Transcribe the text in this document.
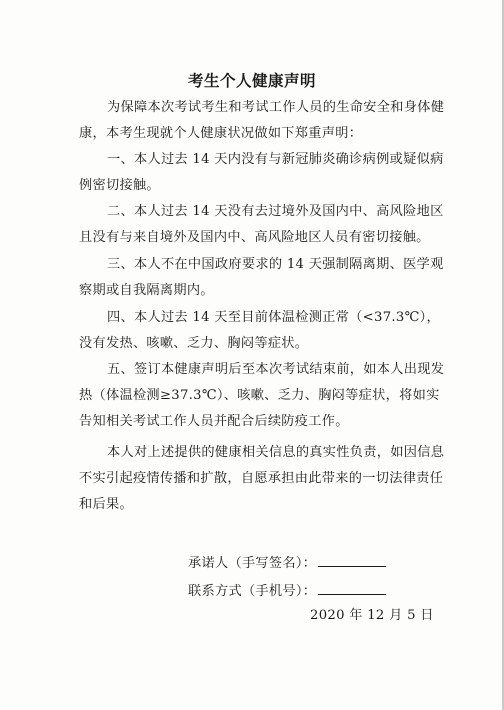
考生个人健康声明
为保障本次考试考生和考试工作人员的生命安全和身体健康，本考生现就个人健康状况做如下郑重声明：
一、本人过去 14 天内没有与新冠肺炎确诊病例或疑似病例密切接触。
二、本人过去 14 天没有去过境外及国内中、高风险地区且没有与来自境外及国内中、高风险地区人员有密切接触。
三、本人不在中国政府要求的 14 天强制隔离期、医学观察期或自我隔离期内。
四、本人过去 14 天至目前体温检测正常（<37.3℃），没有发热、咳嗽、乏力、胸闷等症状。
五、签订本健康声明后至本次考试结束前，如本人出现发热（体温检测≥37.3℃）、咳嗽、乏力、胸闷等症状，将如实告知相关考试工作人员并配合后续防疫工作。
本人对上述提供的健康相关信息的真实性负责，如因信息不实引起疫情传播和扩散，自愿承担由此带来的一切法律责任和后果。
承诺人（手写签名）：
联系方式（手机号）：
2020 年 12 月 5 日
